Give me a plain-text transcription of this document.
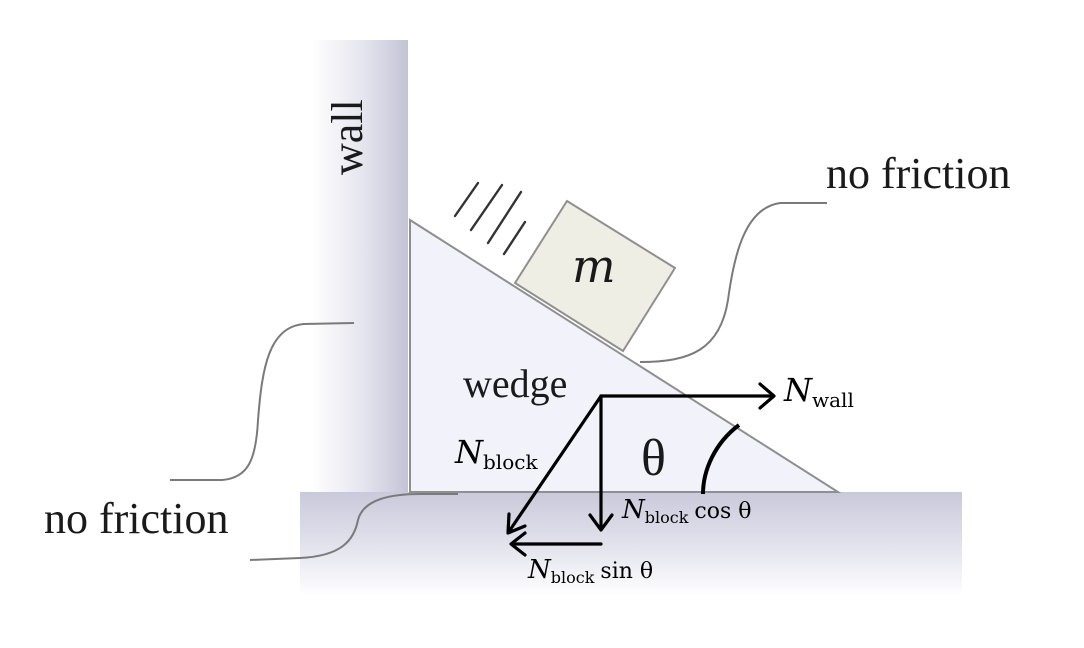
wall	no friction
no friction
wedge
m
θ
Nwall
Nblock
Nblock cos θ
Nblock sin θ
